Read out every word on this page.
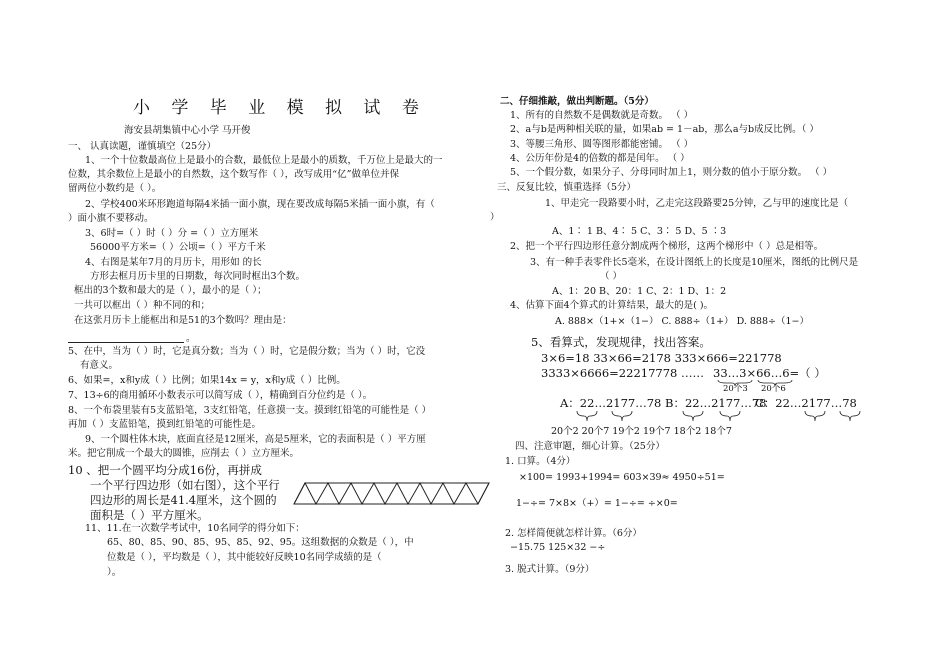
小 学 毕 业 模 拟 试 卷
海安县胡集镇中心小学 马开俊
一、 认真读题，谨慎填空（25分）
1、一个十位数最高位上是最小的合数，最低位上是最小的质数，千万位上是最大的一
位数，其余数位上是最小的自然数，这个数写作（ ），改写成用“亿”做单位并保
留两位小数约是（ ）。
2、学校400米环形跑道每隔4米插一面小旗，现在要改成每隔5米插一面小旗，有（
）面小旗不要移动。
3、6时=（ ）时（ ）分 =（ ）立方厘米
56000平方米=（ ）公顷=（ ）平方千米
4、右图是某年7月的月历卡，用形如 的长
方形去框月历卡里的日期数，每次同时框出3个数。
框出的3个数和最大的是（ ），最小的是（ ）；
一共可以框出（ ）种不同的和；
在这张月历卡上能框出和是51的3个数吗？理由是：
。
5、在中，当为（ ）时，它是真分数；当为（ ）时，它是假分数；当为（ ）时，它没
有意义。
6、如果=，x和y成（ ）比例；如果14x = y，x和y成（ ）比例。
7、13÷6的商用循环小数表示可以简写成（ ），精确到百分位约是（ ）。
8、一个布袋里装有5支蓝铅笔，3支红铅笔，任意摸一支。摸到红铅笔的可能性是（ ）
再加（ ）支蓝铅笔，摸到红铅笔的可能性是。
9、一个圆柱体木块，底面直径是12厘米，高是5厘米，它的表面积是（ ）平方厘
米。把它削成一个最大的圆锥，应削去（ ）立方厘米。
10 、把一个圆平均分成16份，再拼成
一个平行四边形（如右图），这个平行
四边形的周长是41.4厘米，这个圆的
面积是（ ）平方厘米。
11、11.在一次数学考试中，10名同学的得分如下：
65、80、85、90、85、95、85、92、95。这组数据的众数是（ ），中
位数是（ ），平均数是（ ），其中能较好反映10名同学成绩的是（
）。
二、仔细推敲，做出判断题。（5分）
1、所有的自然数不是偶数就是奇数。 （ ）
2、a与b是两种相关联的量，如果ab = 1－ab，那么a与b成反比例。（ ）
3、等腰三角形、圆等图形都能密铺。 （ ）
4、公历年份是4的倍数的都是闰年。 （ ）
5、一个假分数，如果分子、分母同时加上1，则分数的值小于原分数。 （ ）
三、反复比较，慎重选择（5分）
1、甲走完一段路要小时，乙走完这段路要25分钟，乙与甲的速度比是（
）
A、1∶ 1 B、4∶ 5 C、3∶ 5 D、5 ∶3
2、把一个平行四边形任意分割成两个梯形，这两个梯形中（ ）总是相等。
3、有一种手表零件长5毫米，在设计图纸上的长度是10厘米，图纸的比例尺是
（ ）
A、1：20 B、20：1 C、2：1 D、1：2
4、估算下面4个算式的计算结果，最大的是( )。
A. 888×（1+×（1−） C. 888÷（1+） D. 888÷（1−）
5、看算式，发现规律，找出答案。
3×6=18 33×66=2178 333×666=221778
3333×6666=22217778 …… 33…3×66…6=（ ）
20个3 20个6
A：22…2177…78 B：22…2177…78
C：22…2177…78
20个2 20个7 19个2 19个7 18个2 18个7
四、注意审题，细心计算。（25分）
1. 口算。（4分）
×100= 1993+1994= 603×39≈ 4950÷51=
1−÷= 7×8×（+）= 1−÷= ÷×0=
2. 怎样简便就怎样计算。（6分）
−15.75 125×32 −÷
3. 脱式计算。（9分）
